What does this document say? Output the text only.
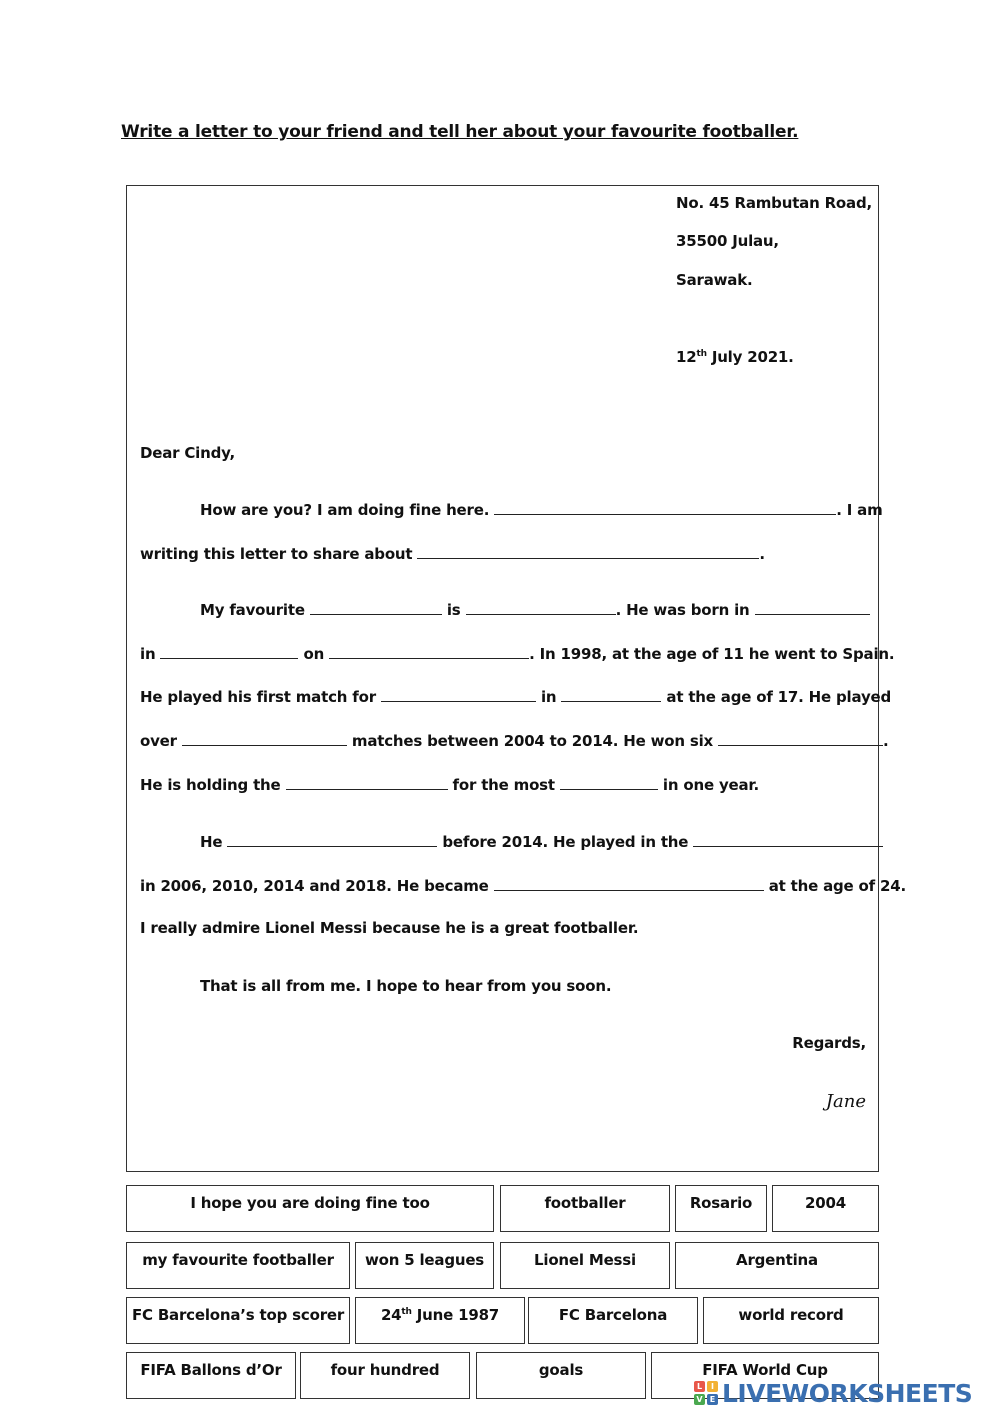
Write a letter to your friend and tell her about your favourite footballer.
No. 45 Rambutan Road,
35500 Julau,
Sarawak.
12th July 2021.
Dear Cindy,
How are you? I am doing fine here.	. I am
writing this letter to share about	.
My favourite	is	. He was born in
in	on	. In 1998, at the age of 11 he went to Spain.
He played his first match for	in	at the age of 17. He played
over	matches between 2004 to 2014. He won six	.
He is holding the	for the most	in one year.
He	before 2014. He played in the
in 2006, 2010, 2014 and 2018. He became	at the age of 24.
I really admire Lionel Messi because he is a great footballer.
That is all from me. I hope to hear from you soon.
Regards,
Jane
I hope you are doing fine too	footballer	Rosario	2004
my favourite footballer	won 5 leagues	Lionel Messi	Argentina
FC Barcelona’s top scorer	24th June 1987	FC Barcelona	world record
FIFA Ballons d’Or	four hundred	goals	FIFA World Cup
L	I
V E LIVEWORKSHEETS
